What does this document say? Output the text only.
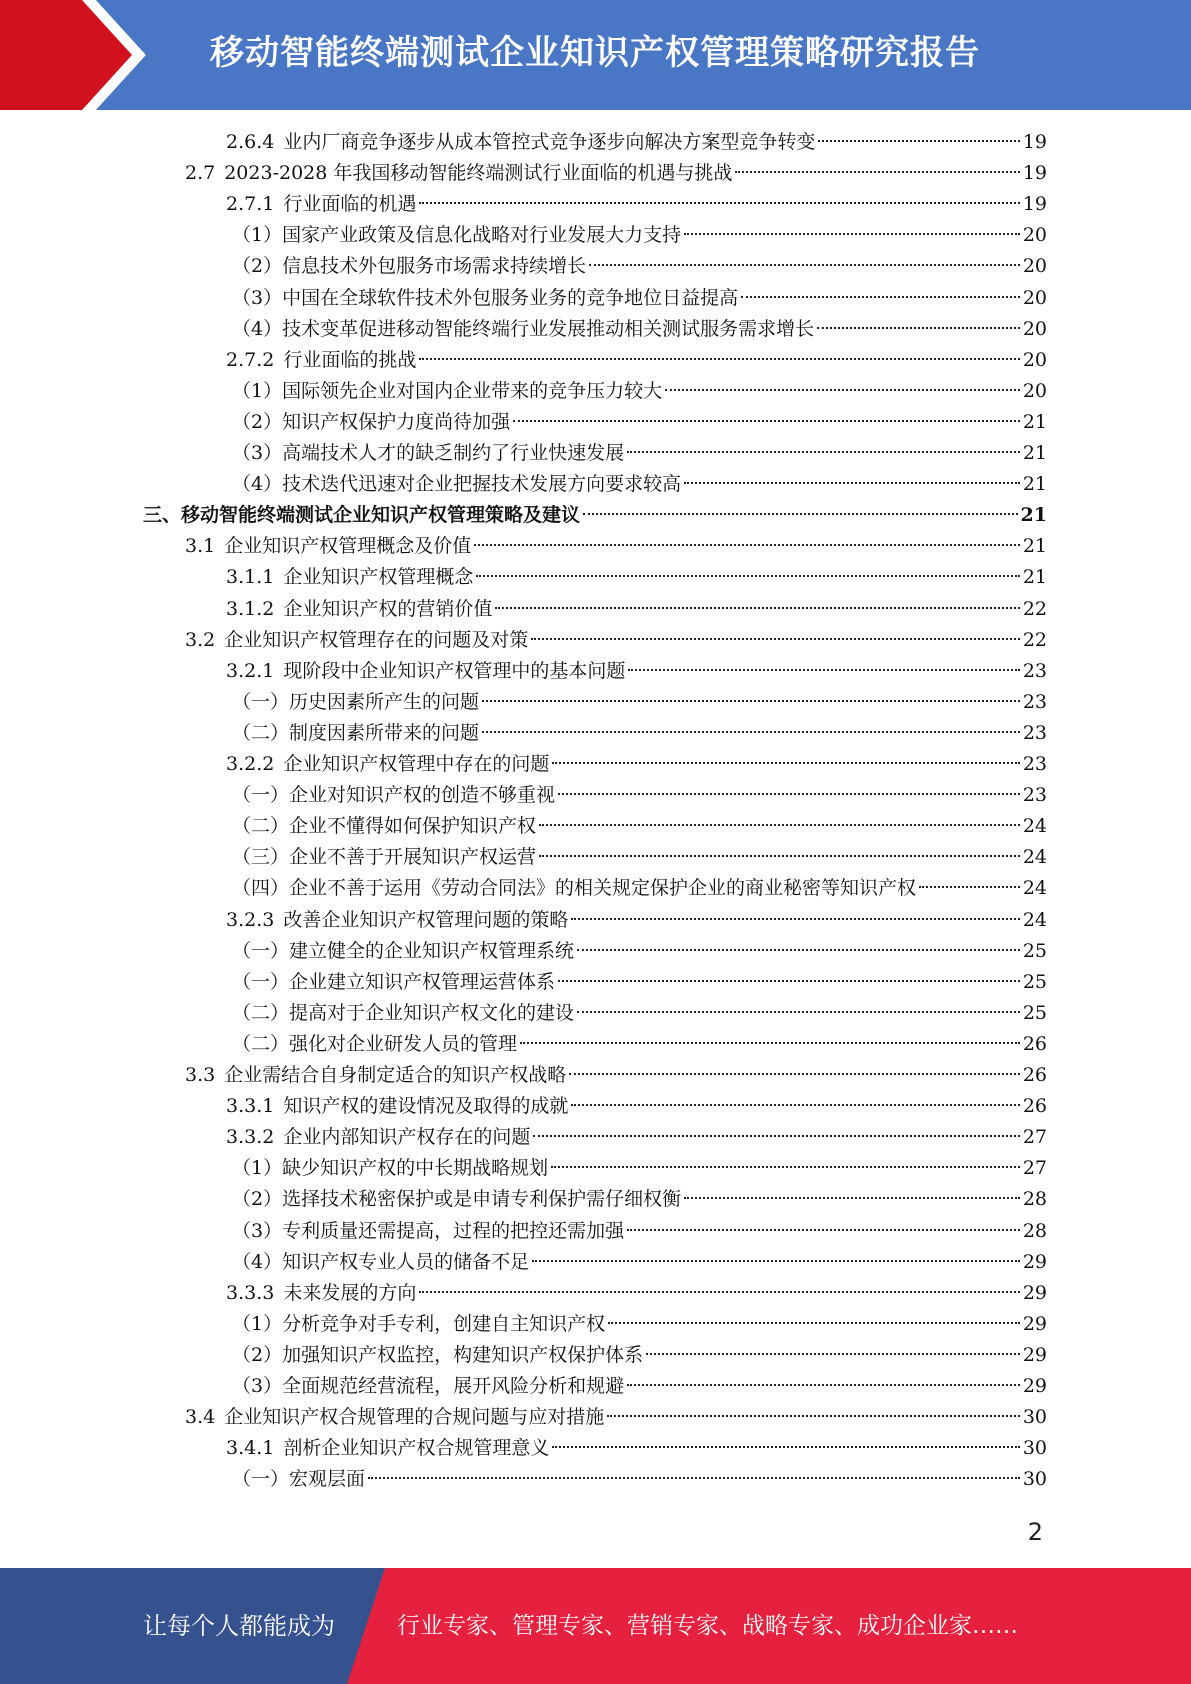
移动智能终端测试企业知识产权管理策略研究报告
2.6.4 业内厂商竞争逐步从成本管控式竞争逐步向解决方案型竞争转变	19
2.7 2023-2028 年我国移动智能终端测试行业面临的机遇与挑战	19
2.7.1 行业面临的机遇	19
（1）国家产业政策及信息化战略对行业发展大力支持	20
（2）信息技术外包服务市场需求持续增长	20
（3）中国在全球软件技术外包服务业务的竞争地位日益提高	20
（4）技术变革促进移动智能终端行业发展推动相关测试服务需求增长	20
2.7.2 行业面临的挑战	20
（1）国际领先企业对国内企业带来的竞争压力较大	20
（2）知识产权保护力度尚待加强	21
（3）高端技术人才的缺乏制约了行业快速发展	21
（4）技术迭代迅速对企业把握技术发展方向要求较高	21
三、移动智能终端测试企业知识产权管理策略及建议	21
3.1 企业知识产权管理概念及价值	21
3.1.1 企业知识产权管理概念	21
3.1.2 企业知识产权的营销价值	22
3.2 企业知识产权管理存在的问题及对策	22
3.2.1 现阶段中企业知识产权管理中的基本问题	23
（一）历史因素所产生的问题	23
（二）制度因素所带来的问题	23
3.2.2 企业知识产权管理中存在的问题	23
（一）企业对知识产权的创造不够重视	23
（二）企业不懂得如何保护知识产权	24
（三）企业不善于开展知识产权运营	24
（四）企业不善于运用《劳动合同法》的相关规定保护企业的商业秘密等知识产权	24
3.2.3 改善企业知识产权管理问题的策略	24
（一）建立健全的企业知识产权管理系统	25
（一）企业建立知识产权管理运营体系	25
（二）提高对于企业知识产权文化的建设	25
（二）强化对企业研发人员的管理	26
3.3 企业需结合自身制定适合的知识产权战略	26
3.3.1 知识产权的建设情况及取得的成就	26
3.3.2 企业内部知识产权存在的问题	27
（1）缺少知识产权的中长期战略规划	27
（2）选择技术秘密保护或是申请专利保护需仔细权衡	28
（3）专利质量还需提高，过程的把控还需加强	28
（4）知识产权专业人员的储备不足	29
3.3.3 未来发展的方向	29
（1）分析竞争对手专利，创建自主知识产权	29
（2）加强知识产权监控，构建知识产权保护体系	29
（3）全面规范经营流程，展开风险分析和规避	29
3.4 企业知识产权合规管理的合规问题与应对措施	30
3.4.1 剖析企业知识产权合规管理意义	30
（一）宏观层面	30
2
让每个人都能成为	行业专家、管理专家、营销专家、战略专家、成功企业家……
